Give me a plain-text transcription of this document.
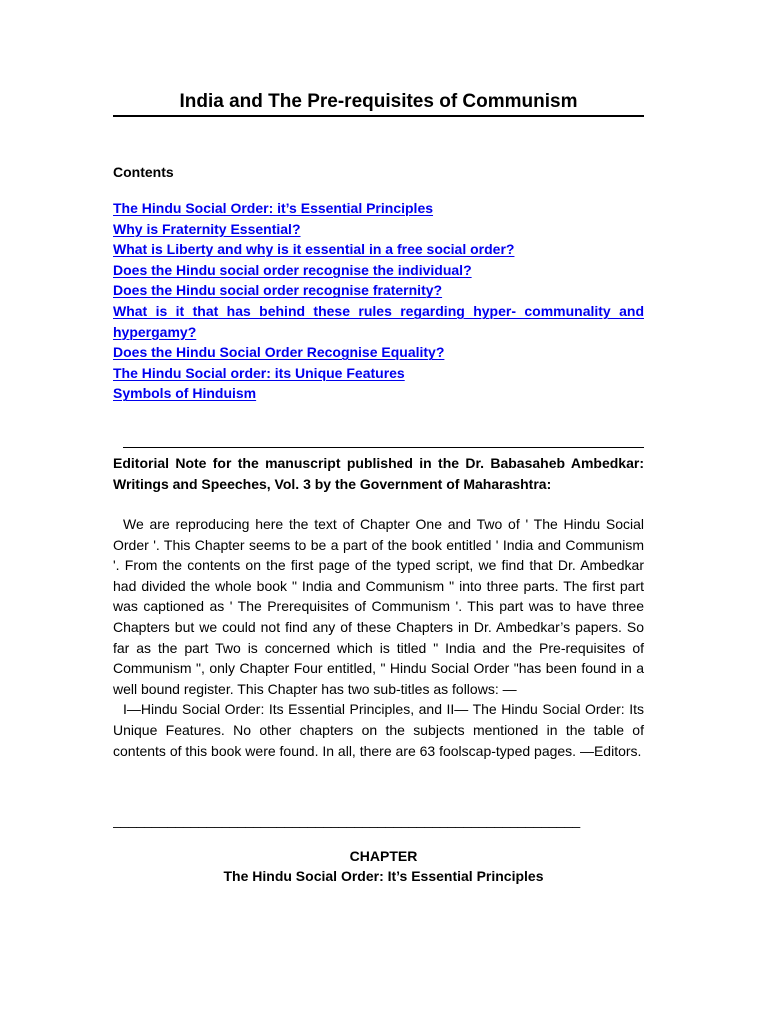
India and The Pre-requisites of Communism
Contents
The Hindu Social Order: it’s Essential Principles
Why is Fraternity Essential?
What is Liberty and why is it essential in a free social order?
Does the Hindu social order recognise the individual?
Does the Hindu social order recognise fraternity?
What is it that has behind these rules regarding hyper- communality and hypergamy?
Does the Hindu Social Order Recognise Equality?
The Hindu Social order: its Unique Features
Symbols of Hinduism

Editorial Note for the manuscript published in the Dr. Babasaheb Ambedkar: Writings and Speeches, Vol. 3 by the Government of Maharashtra:

We are reproducing here the text of Chapter One and Two of ' The Hindu Social Order '. This Chapter seems to be a part of the book entitled ' India and Communism '. From the contents on the first page of the typed script, we find that Dr. Ambedkar had divided the whole book " India and Communism " into three parts. The first part was captioned as ' The Prerequisites of Communism '. This part was to have three Chapters but we could not find any of these Chapters in Dr. Ambedkar’s papers. So far as the part Two is concerned which is titled " India and the Pre-requisites of Communism ", only Chapter Four entitled, " Hindu Social Order "has been found in a well bound register. This Chapter has two sub-titles as follows: —

I—Hindu Social Order: Its Essential Principles, and II— The Hindu Social Order: Its Unique Features. No other chapters on the subjects mentioned in the table of contents of this book were found. In all, there are 63 foolscap-typed pages. —Editors.

____________________________________________________________
CHAPTER
The Hindu Social Order: It’s Essential Principles
